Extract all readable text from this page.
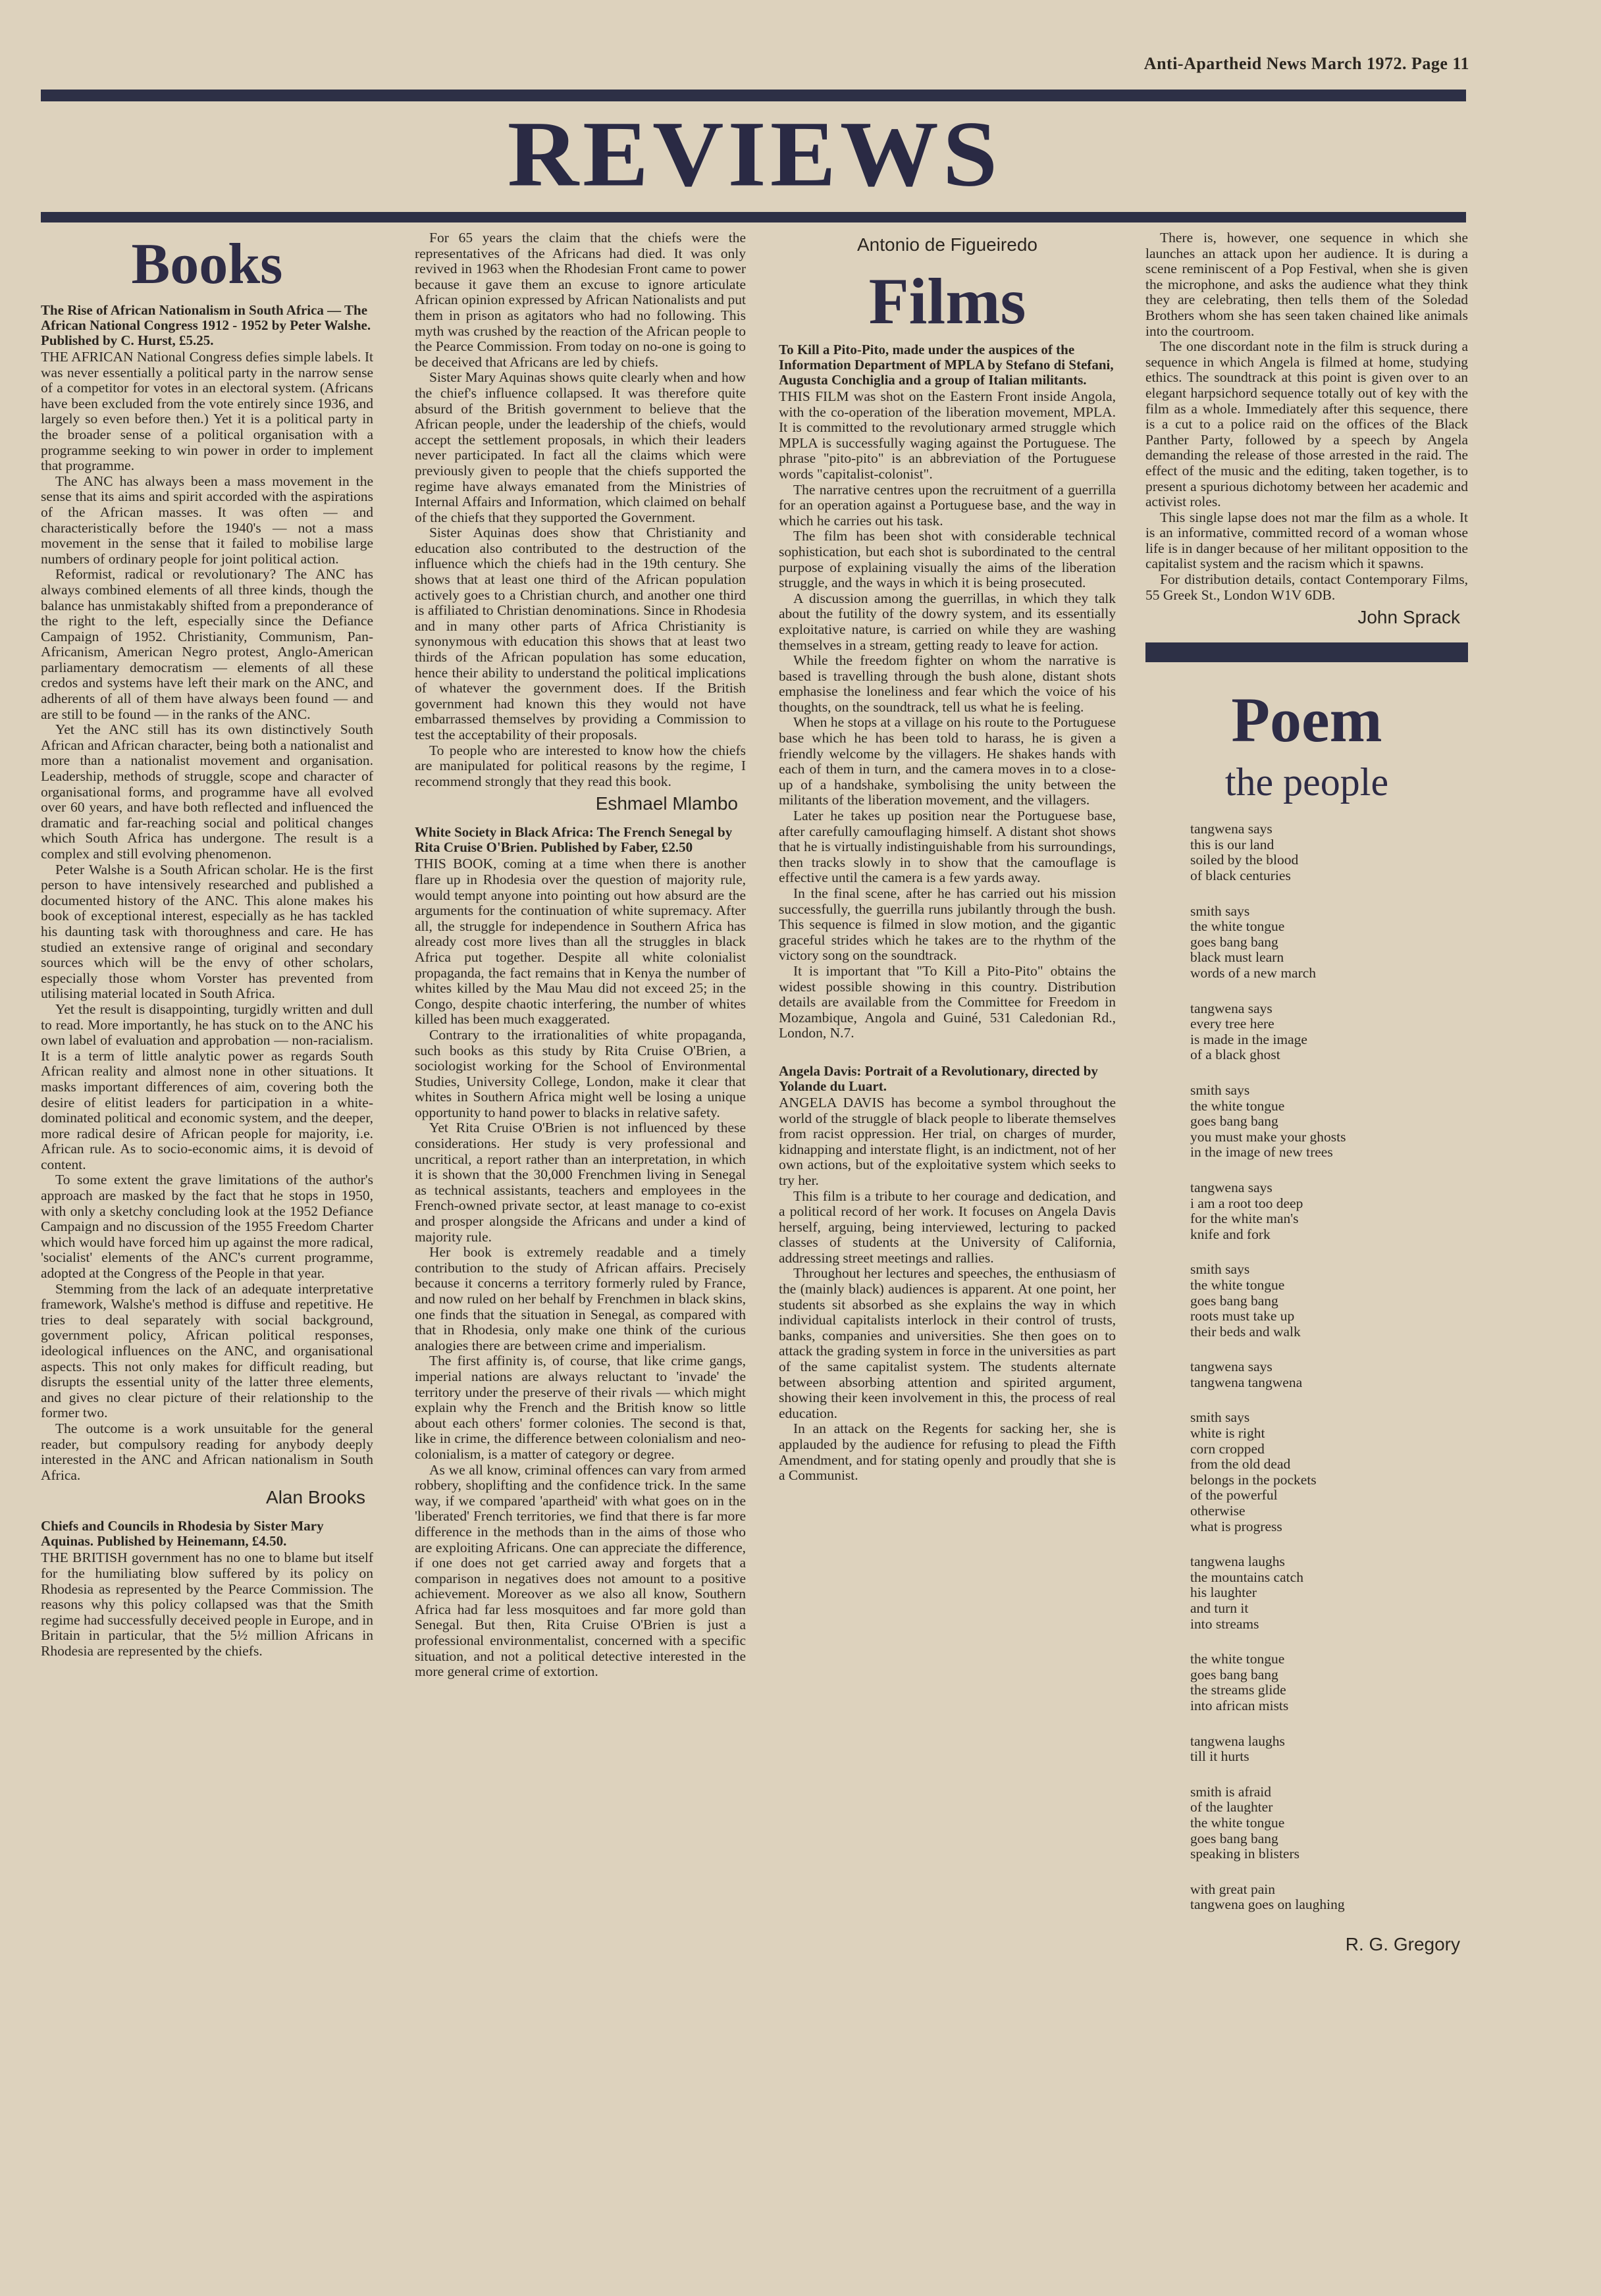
Anti-Apartheid News March 1972. Page 11
REVIEWS
Books
The Rise of African Nationalism in South Africa — The African National Congress 1912 - 1952 by Peter Walshe. Published by C. Hurst, £5.25.

THE AFRICAN National Congress defies simple labels. It was never essentially a political party in the narrow sense of a competitor for votes in an electoral system. (Africans have been excluded from the vote entirely since 1936, and largely so even before then.) Yet it is a political party in the broader sense of a political organisation with a programme seeking to win power in order to implement that programme.

The ANC has always been a mass movement in the sense that its aims and spirit accorded with the aspirations of the African masses. It was often — and characteristically before the 1940's — not a mass movement in the sense that it failed to mobilise large numbers of ordinary people for joint political action.

Reformist, radical or revolutionary? The ANC has always combined elements of all three kinds, though the balance has unmistakably shifted from a preponderance of the right to the left, especially since the Defiance Campaign of 1952. Christianity, Communism, Pan-Africanism, American Negro protest, Anglo-American parliamentary democratism — elements of all these credos and systems have left their mark on the ANC, and adherents of all of them have always been found — and are still to be found — in the ranks of the ANC.

Yet the ANC still has its own distinctively South African and African character, being both a nationalist and more than a nationalist movement and organisation. Leadership, methods of struggle, scope and character of organisational forms, and programme have all evolved over 60 years, and have both reflected and influenced the dramatic and far-reaching social and political changes which South Africa has undergone. The result is a complex and still evolving phenomenon.

Peter Walshe is a South African scholar. He is the first person to have intensively researched and published a documented history of the ANC. This alone makes his book of exceptional interest, especially as he has tackled his daunting task with thoroughness and care. He has studied an extensive range of original and secondary sources which will be the envy of other scholars, especially those whom Vorster has prevented from utilising material located in South Africa.

Yet the result is disappointing, turgidly written and dull to read. More importantly, he has stuck on to the ANC his own label of evaluation and approbation — non-racialism. It is a term of little analytic power as regards South African reality and almost none in other situations. It masks important differences of aim, covering both the desire of elitist leaders for participation in a white-dominated political and economic system, and the deeper, more radical desire of African people for majority, i.e. African rule. As to socio-economic aims, it is devoid of content.

To some extent the grave limitations of the author's approach are masked by the fact that he stops in 1950, with only a sketchy concluding look at the 1952 Defiance Campaign and no discussion of the 1955 Freedom Charter which would have forced him up against the more radical, 'socialist' elements of the ANC's current programme, adopted at the Congress of the People in that year.

Stemming from the lack of an adequate interpretative framework, Walshe's method is diffuse and repetitive. He tries to deal separately with social background, government policy, African political responses, ideological influences on the ANC, and organisational aspects. This not only makes for difficult reading, but disrupts the essential unity of the latter three elements, and gives no clear picture of their relationship to the former two.

The outcome is a work unsuitable for the general reader, but compulsory reading for anybody deeply interested in the ANC and African nationalism in South Africa.

Alan Brooks
Chiefs and Councils in Rhodesia by Sister Mary Aquinas. Published by Heinemann, £4.50.

THE BRITISH government has no one to blame but itself for the humiliating blow suffered by its policy on Rhodesia as represented by the Pearce Commission. The reasons why this policy collapsed was that the Smith regime had successfully deceived people in Europe, and in Britain in particular, that the 5½ million Africans in Rhodesia are represented by the chiefs.

For 65 years the claim that the chiefs were the representatives of the Africans had died. It was only revived in 1963 when the Rhodesian Front came to power because it gave them an excuse to ignore articulate African opinion expressed by African Nationalists and put them in prison as agitators who had no following. This myth was crushed by the reaction of the African people to the Pearce Commission. From today on no-one is going to be deceived that Africans are led by chiefs.

Sister Mary Aquinas shows quite clearly when and how the chief's influence collapsed. It was therefore quite absurd of the British government to believe that the African people, under the leadership of the chiefs, would accept the settlement proposals, in which their leaders never participated. In fact all the claims which were previously given to people that the chiefs supported the regime have always emanated from the Ministries of Internal Affairs and Information, which claimed on behalf of the chiefs that they supported the Government.

Sister Aquinas does show that Christianity and education also contributed to the destruction of the influence which the chiefs had in the 19th century. She shows that at least one third of the African population actively goes to a Christian church, and another one third is affiliated to Christian denominations. Since in Rhodesia and in many other parts of Africa Christianity is synonymous with education this shows that at least two thirds of the African population has some education, hence their ability to understand the political implications of whatever the government does. If the British government had known this they would not have embarrassed themselves by providing a Commission to test the acceptability of their proposals.

To people who are interested to know how the chiefs are manipulated for political reasons by the regime, I recommend strongly that they read this book.

Eshmael Mlambo
White Society in Black Africa: The French Senegal by Rita Cruise O'Brien. Published by Faber, £2.50

THIS BOOK, coming at a time when there is another flare up in Rhodesia over the question of majority rule, would tempt anyone into pointing out how absurd are the arguments for the continuation of white supremacy. After all, the struggle for independence in Southern Africa has already cost more lives than all the struggles in black Africa put together. Despite all white colonialist propaganda, the fact remains that in Kenya the number of whites killed by the Mau Mau did not exceed 25; in the Congo, despite chaotic interfering, the number of whites killed has been much exaggerated.

Contrary to the irrationalities of white propaganda, such books as this study by Rita Cruise O'Brien, a sociologist working for the School of Environmental Studies, University College, London, make it clear that whites in Southern Africa might well be losing a unique opportunity to hand power to blacks in relative safety.

Yet Rita Cruise O'Brien is not influenced by these considerations. Her study is very professional and uncritical, a report rather than an interpretation, in which it is shown that the 30,000 Frenchmen living in Senegal as technical assistants, teachers and employees in the French-owned private sector, at least manage to co-exist and prosper alongside the Africans and under a kind of majority rule.

Her book is extremely readable and a timely contribution to the study of African affairs. Precisely because it concerns a territory formerly ruled by France, and now ruled on her behalf by Frenchmen in black skins, one finds that the situation in Senegal, as compared with that in Rhodesia, only make one think of the curious analogies there are between crime and imperialism.

The first affinity is, of course, that like crime gangs, imperial nations are always reluctant to 'invade' the territory under the preserve of their rivals — which might explain why the French and the British know so little about each others' former colonies. The second is that, like in crime, the difference between colonialism and neo-colonialism, is a matter of category or degree.

As we all know, criminal offences can vary from armed robbery, shoplifting and the confidence trick. In the same way, if we compared 'apartheid' with what goes on in the 'liberated' French territories, we find that there is far more difference in the methods than in the aims of those who are exploiting Africans. One can appreciate the difference, if one does not get carried away and forgets that a comparison in negatives does not amount to a positive achievement. Moreover as we also all know, Southern Africa had far less mosquitoes and far more gold than Senegal. But then, Rita Cruise O'Brien is just a professional environmentalist, concerned with a specific situation, and not a political detective interested in the more general crime of extortion.

Antonio de Figueiredo
Films
To Kill a Pito-Pito, made under the auspices of the Information Department of MPLA by Stefano di Stefani, Augusta Conchiglia and a group of Italian militants.

THIS FILM was shot on the Eastern Front inside Angola, with the co-operation of the liberation movement, MPLA. It is committed to the revolutionary armed struggle which MPLA is successfully waging against the Portuguese. The phrase "pito-pito" is an abbreviation of the Portuguese words "capitalist-colonist".

The narrative centres upon the recruitment of a guerrilla for an operation against a Portuguese base, and the way in which he carries out his task.

The film has been shot with considerable technical sophistication, but each shot is subordinated to the central purpose of explaining visually the aims of the liberation struggle, and the ways in which it is being prosecuted.

A discussion among the guerrillas, in which they talk about the futility of the dowry system, and its essentially exploitative nature, is carried on while they are washing themselves in a stream, getting ready to leave for action.

While the freedom fighter on whom the narrative is based is travelling through the bush alone, distant shots emphasise the loneliness and fear which the voice of his thoughts, on the soundtrack, tell us what he is feeling.

When he stops at a village on his route to the Portuguese base which he has been told to harass, he is given a friendly welcome by the villagers. He shakes hands with each of them in turn, and the camera moves in to a close-up of a handshake, symbolising the unity between the militants of the liberation movement, and the villagers.

Later he takes up position near the Portuguese base, after carefully camouflaging himself. A distant shot shows that he is virtually indistinguishable from his surroundings, then tracks slowly in to show that the camouflage is effective until the camera is a few yards away.

In the final scene, after he has carried out his mission successfully, the guerrilla runs jubilantly through the bush. This sequence is filmed in slow motion, and the gigantic graceful strides which he takes are to the rhythm of the victory song on the soundtrack.

It is important that "To Kill a Pito-Pito" obtains the widest possible showing in this country. Distribution details are available from the Committee for Freedom in Mozambique, Angola and Guiné, 531 Caledonian Rd., London, N.7.

Angela Davis: Portrait of a Revolutionary, directed by Yolande du Luart.

ANGELA DAVIS has become a symbol throughout the world of the struggle of black people to liberate themselves from racist oppression. Her trial, on charges of murder, kidnapping and interstate flight, is an indictment, not of her own actions, but of the exploitative system which seeks to try her.

This film is a tribute to her courage and dedication, and a political record of her work. It focuses on Angela Davis herself, arguing, being interviewed, lecturing to packed classes of students at the University of California, addressing street meetings and rallies.

Throughout her lectures and speeches, the enthusiasm of the (mainly black) audiences is apparent. At one point, her students sit absorbed as she explains the way in which individual capitalists interlock in their control of trusts, banks, companies and universities. She then goes on to attack the grading system in force in the universities as part of the same capitalist system. The students alternate between absorbing attention and spirited argument, showing their keen involvement in this, the process of real education.

In an attack on the Regents for sacking her, she is applauded by the audience for refusing to plead the Fifth Amendment, and for stating openly and proudly that she is a Communist.

There is, however, one sequence in which she launches an attack upon her audience. It is during a scene reminiscent of a Pop Festival, when she is given the microphone, and asks the audience what they think they are celebrating, then tells them of the Soledad Brothers whom she has seen taken chained like animals into the courtroom.

The one discordant note in the film is struck during a sequence in which Angela is filmed at home, studying ethics. The soundtrack at this point is given over to an elegant harpsichord sequence totally out of key with the film as a whole. Immediately after this sequence, there is a cut to a police raid on the offices of the Black Panther Party, followed by a speech by Angela demanding the release of those arrested in the raid. The effect of the music and the editing, taken together, is to present a spurious dichotomy between her academic and activist roles.

This single lapse does not mar the film as a whole. It is an informative, committed record of a woman whose life is in danger because of her militant opposition to the capitalist system and the racism which it spawns.

For distribution details, contact Contemporary Films, 55 Greek St., London W1V 6DB.

John Sprack
Poem
the people
tangwena says
this is our land
soiled by the blood
of black centuries
smith says
the white tongue
goes bang bang
black must learn
words of a new march
tangwena says
every tree here
is made in the image
of a black ghost
smith says
the white tongue
goes bang bang
you must make your ghosts
in the image of new trees
tangwena says
i am a root too deep
for the white man's
knife and fork
smith says
the white tongue
goes bang bang
roots must take up
their beds and walk
tangwena says
tangwena tangwena
smith says
white is right
corn cropped
from the old dead
belongs in the pockets
of the powerful
otherwise
what is progress
tangwena laughs
the mountains catch
his laughter
and turn it
into streams
the white tongue
goes bang bang
the streams glide
into african mists
tangwena laughs
till it hurts
smith is afraid
of the laughter
the white tongue
goes bang bang
speaking in blisters
with great pain
tangwena goes on laughing
R. G. Gregory
